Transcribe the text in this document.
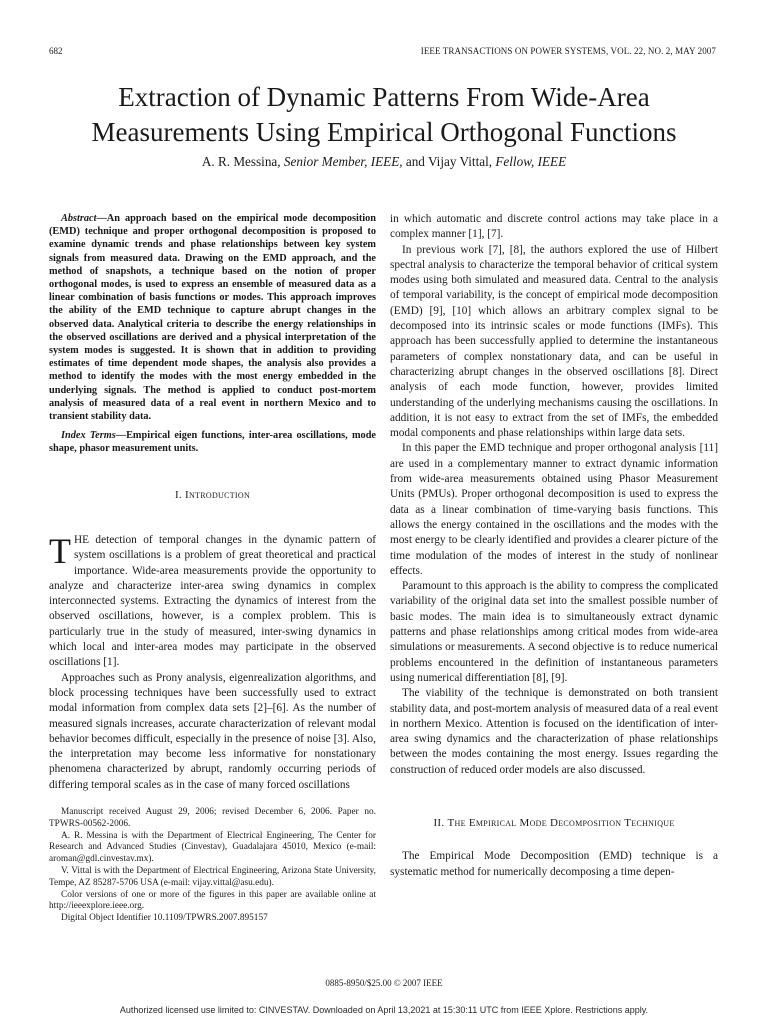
682	IEEE TRANSACTIONS ON POWER SYSTEMS, VOL. 22, NO. 2, MAY 2007
Extraction of Dynamic Patterns From Wide-Area
Measurements Using Empirical Orthogonal Functions
A. R. Messina, Senior Member, IEEE, and Vijay Vittal, Fellow, IEEE

Abstract—An approach based on the empirical mode decomposition (EMD) technique and proper orthogonal decomposition is proposed to examine dynamic trends and phase relationships between key system signals from measured data. Drawing on the EMD approach, and the method of snapshots, a technique based on the notion of proper orthogonal modes, is used to express an ensemble of measured data as a linear combination of basis functions or modes. This approach improves the ability of the EMD technique to capture abrupt changes in the observed data. Analytical criteria to describe the energy relationships in the observed oscillations are derived and a physical interpretation of the system modes is suggested. It is shown that in addition to providing estimates of time dependent mode shapes, the analysis also provides a method to identify the modes with the most energy embedded in the underlying signals. The method is applied to conduct post-mortem analysis of measured data of a real event in northern Mexico and to transient stability data.

Index Terms—Empirical eigen functions, inter-area oscillations, mode shape, phasor measurement units.

I. Introduction

THE detection of temporal changes in the dynamic pattern of system oscillations is a problem of great theoretical and practical importance. Wide-area measurements provide the opportunity to analyze and characterize inter-area swing dynamics in complex interconnected systems. Extracting the dynamics of interest from the observed oscillations, however, is a complex problem. This is particularly true in the study of measured, inter-swing dynamics in which local and inter-area modes may participate in the observed oscillations [1].

Approaches such as Prony analysis, eigenrealization algorithms, and block processing techniques have been successfully used to extract modal information from complex data sets [2]–[6]. As the number of measured signals increases, accurate characterization of relevant modal behavior becomes difficult, especially in the presence of noise [3]. Also, the interpretation may become less informative for nonstationary phenomena characterized by abrupt, randomly occurring periods of differing temporal scales as in the case of many forced oscillations

Manuscript received August 29, 2006; revised December 6, 2006. Paper no. TPWRS-00562-2006.
A. R. Messina is with the Department of Electrical Engineering, The Center for Research and Advanced Studies (Cinvestav), Guadalajara 45010, Mexico (e-mail: aroman@gdl.cinvestav.mx).
V. Vittal is with the Department of Electrical Engineering, Arizona State University, Tempe, AZ 85287-5706 USA (e-mail: vijay.vittal@asu.edu).
Color versions of one or more of the figures in this paper are available online at http://ieeexplore.ieee.org.
Digital Object Identifier 10.1109/TPWRS.2007.895157

in which automatic and discrete control actions may take place in a complex manner [1], [7].

In previous work [7], [8], the authors explored the use of Hilbert spectral analysis to characterize the temporal behavior of critical system modes using both simulated and measured data. Central to the analysis of temporal variability, is the concept of empirical mode decomposition (EMD) [9], [10] which allows an arbitrary complex signal to be decomposed into its intrinsic scales or mode functions (IMFs). This approach has been successfully applied to determine the instantaneous parameters of complex nonstationary data, and can be useful in characterizing abrupt changes in the observed oscillations [8]. Direct analysis of each mode function, however, provides limited understanding of the underlying mechanisms causing the oscillations. In addition, it is not easy to extract from the set of IMFs, the embedded modal components and phase relationships within large data sets.

In this paper the EMD technique and proper orthogonal analysis [11] are used in a complementary manner to extract dynamic information from wide-area measurements obtained using Phasor Measurement Units (PMUs). Proper orthogonal decomposition is used to express the data as a linear combination of time-varying basis functions. This allows the energy contained in the oscillations and the modes with the most energy to be clearly identified and provides a clearer picture of the time modulation of the modes of interest in the study of nonlinear effects.

Paramount to this approach is the ability to compress the complicated variability of the original data set into the smallest possible number of basic modes. The main idea is to simultaneously extract dynamic patterns and phase relationships among critical modes from wide-area simulations or measurements. A second objective is to reduce numerical problems encountered in the definition of instantaneous parameters using numerical differentiation [8], [9].

The viability of the technique is demonstrated on both transient stability data, and post-mortem analysis of measured data of a real event in northern Mexico. Attention is focused on the identification of inter-area swing dynamics and the characterization of phase relationships between the modes containing the most energy. Issues regarding the construction of reduced order models are also discussed.

II. The Empirical Mode Decomposition Technique

The Empirical Mode Decomposition (EMD) technique is a systematic method for numerically decomposing a time depen-

0885-8950/$25.00 © 2007 IEEE
Authorized licensed use limited to: CINVESTAV. Downloaded on April 13,2021 at 15:30:11 UTC from IEEE Xplore. Restrictions apply.
